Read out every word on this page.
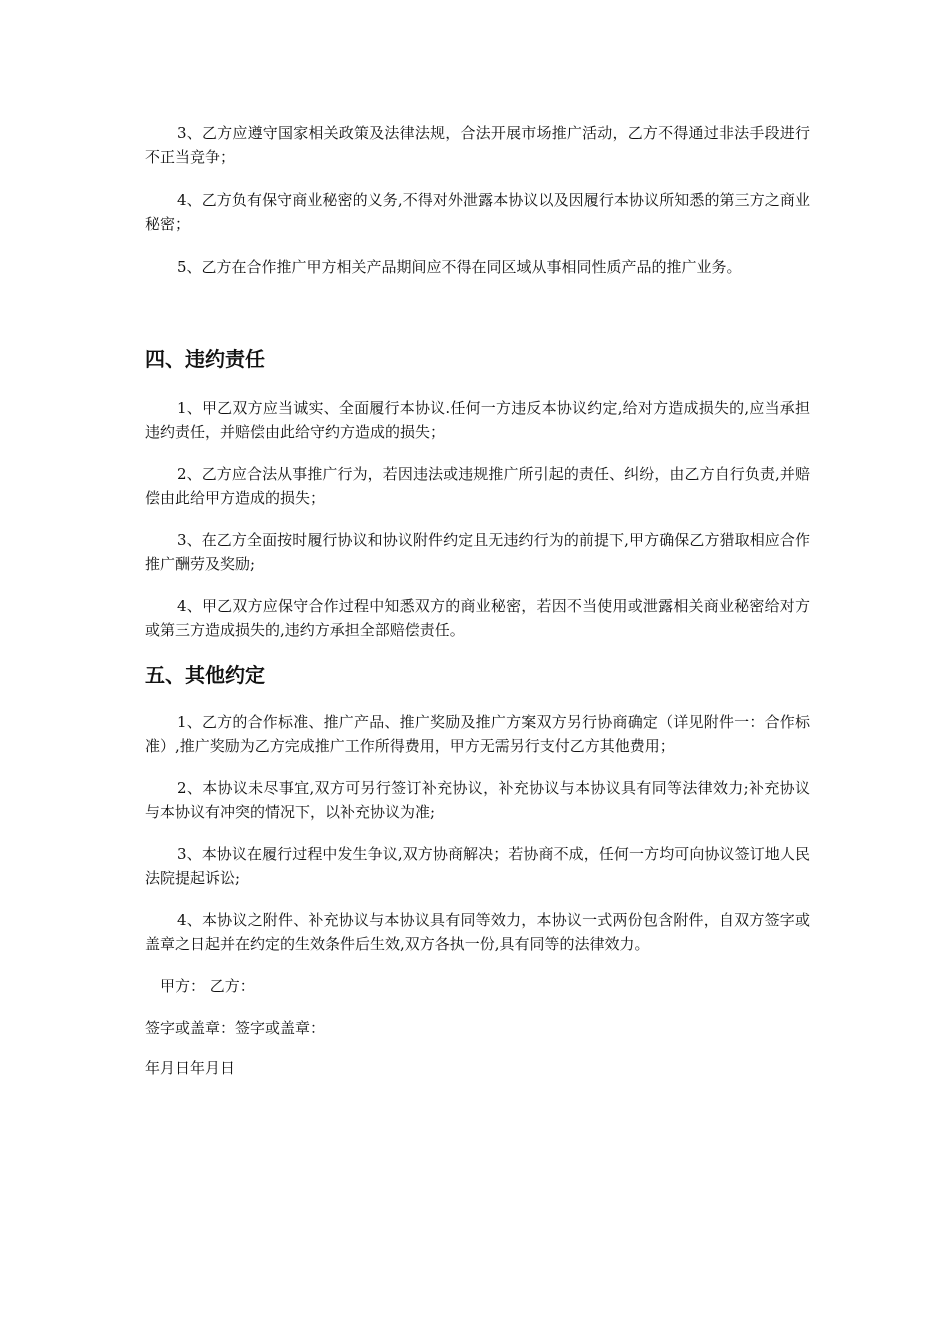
3、乙方应遵守国家相关政策及法律法规，合法开展市场推广活动，乙方不得通过非法手段进行不正当竞争；

4、乙方负有保守商业秘密的义务,不得对外泄露本协议以及因履行本协议所知悉的第三方之商业秘密；

5、乙方在合作推广甲方相关产品期间应不得在同区域从事相同性质产品的推广业务。

四、违约责任

1、甲乙双方应当诚实、全面履行本协议.任何一方违反本协议约定,给对方造成损失的,应当承担违约责任，并赔偿由此给守约方造成的损失；

2、乙方应合法从事推广行为，若因违法或违规推广所引起的责任、纠纷，由乙方自行负责,并赔偿由此给甲方造成的损失；

3、在乙方全面按时履行协议和协议附件约定且无违约行为的前提下,甲方确保乙方猎取相应合作推广酬劳及奖励;

4、甲乙双方应保守合作过程中知悉双方的商业秘密，若因不当使用或泄露相关商业秘密给对方或第三方造成损失的,违约方承担全部赔偿责任。

五、其他约定

1、乙方的合作标准、推广产品、推广奖励及推广方案双方另行协商确定（详见附件一：合作标准）,推广奖励为乙方完成推广工作所得费用，甲方无需另行支付乙方其他费用；

2、本协议未尽事宜,双方可另行签订补充协议，补充协议与本协议具有同等法律效力;补充协议与本协议有冲突的情况下，以补充协议为准;

3、本协议在履行过程中发生争议,双方协商解决；若协商不成，任何一方均可向协议签订地人民法院提起诉讼;

4、本协议之附件、补充协议与本协议具有同等效力，本协议一式两份包含附件，自双方签字或盖章之日起并在约定的生效条件后生效,双方各执一份,具有同等的法律效力。

甲方： 乙方：

签字或盖章：签字或盖章：

年月日年月日
